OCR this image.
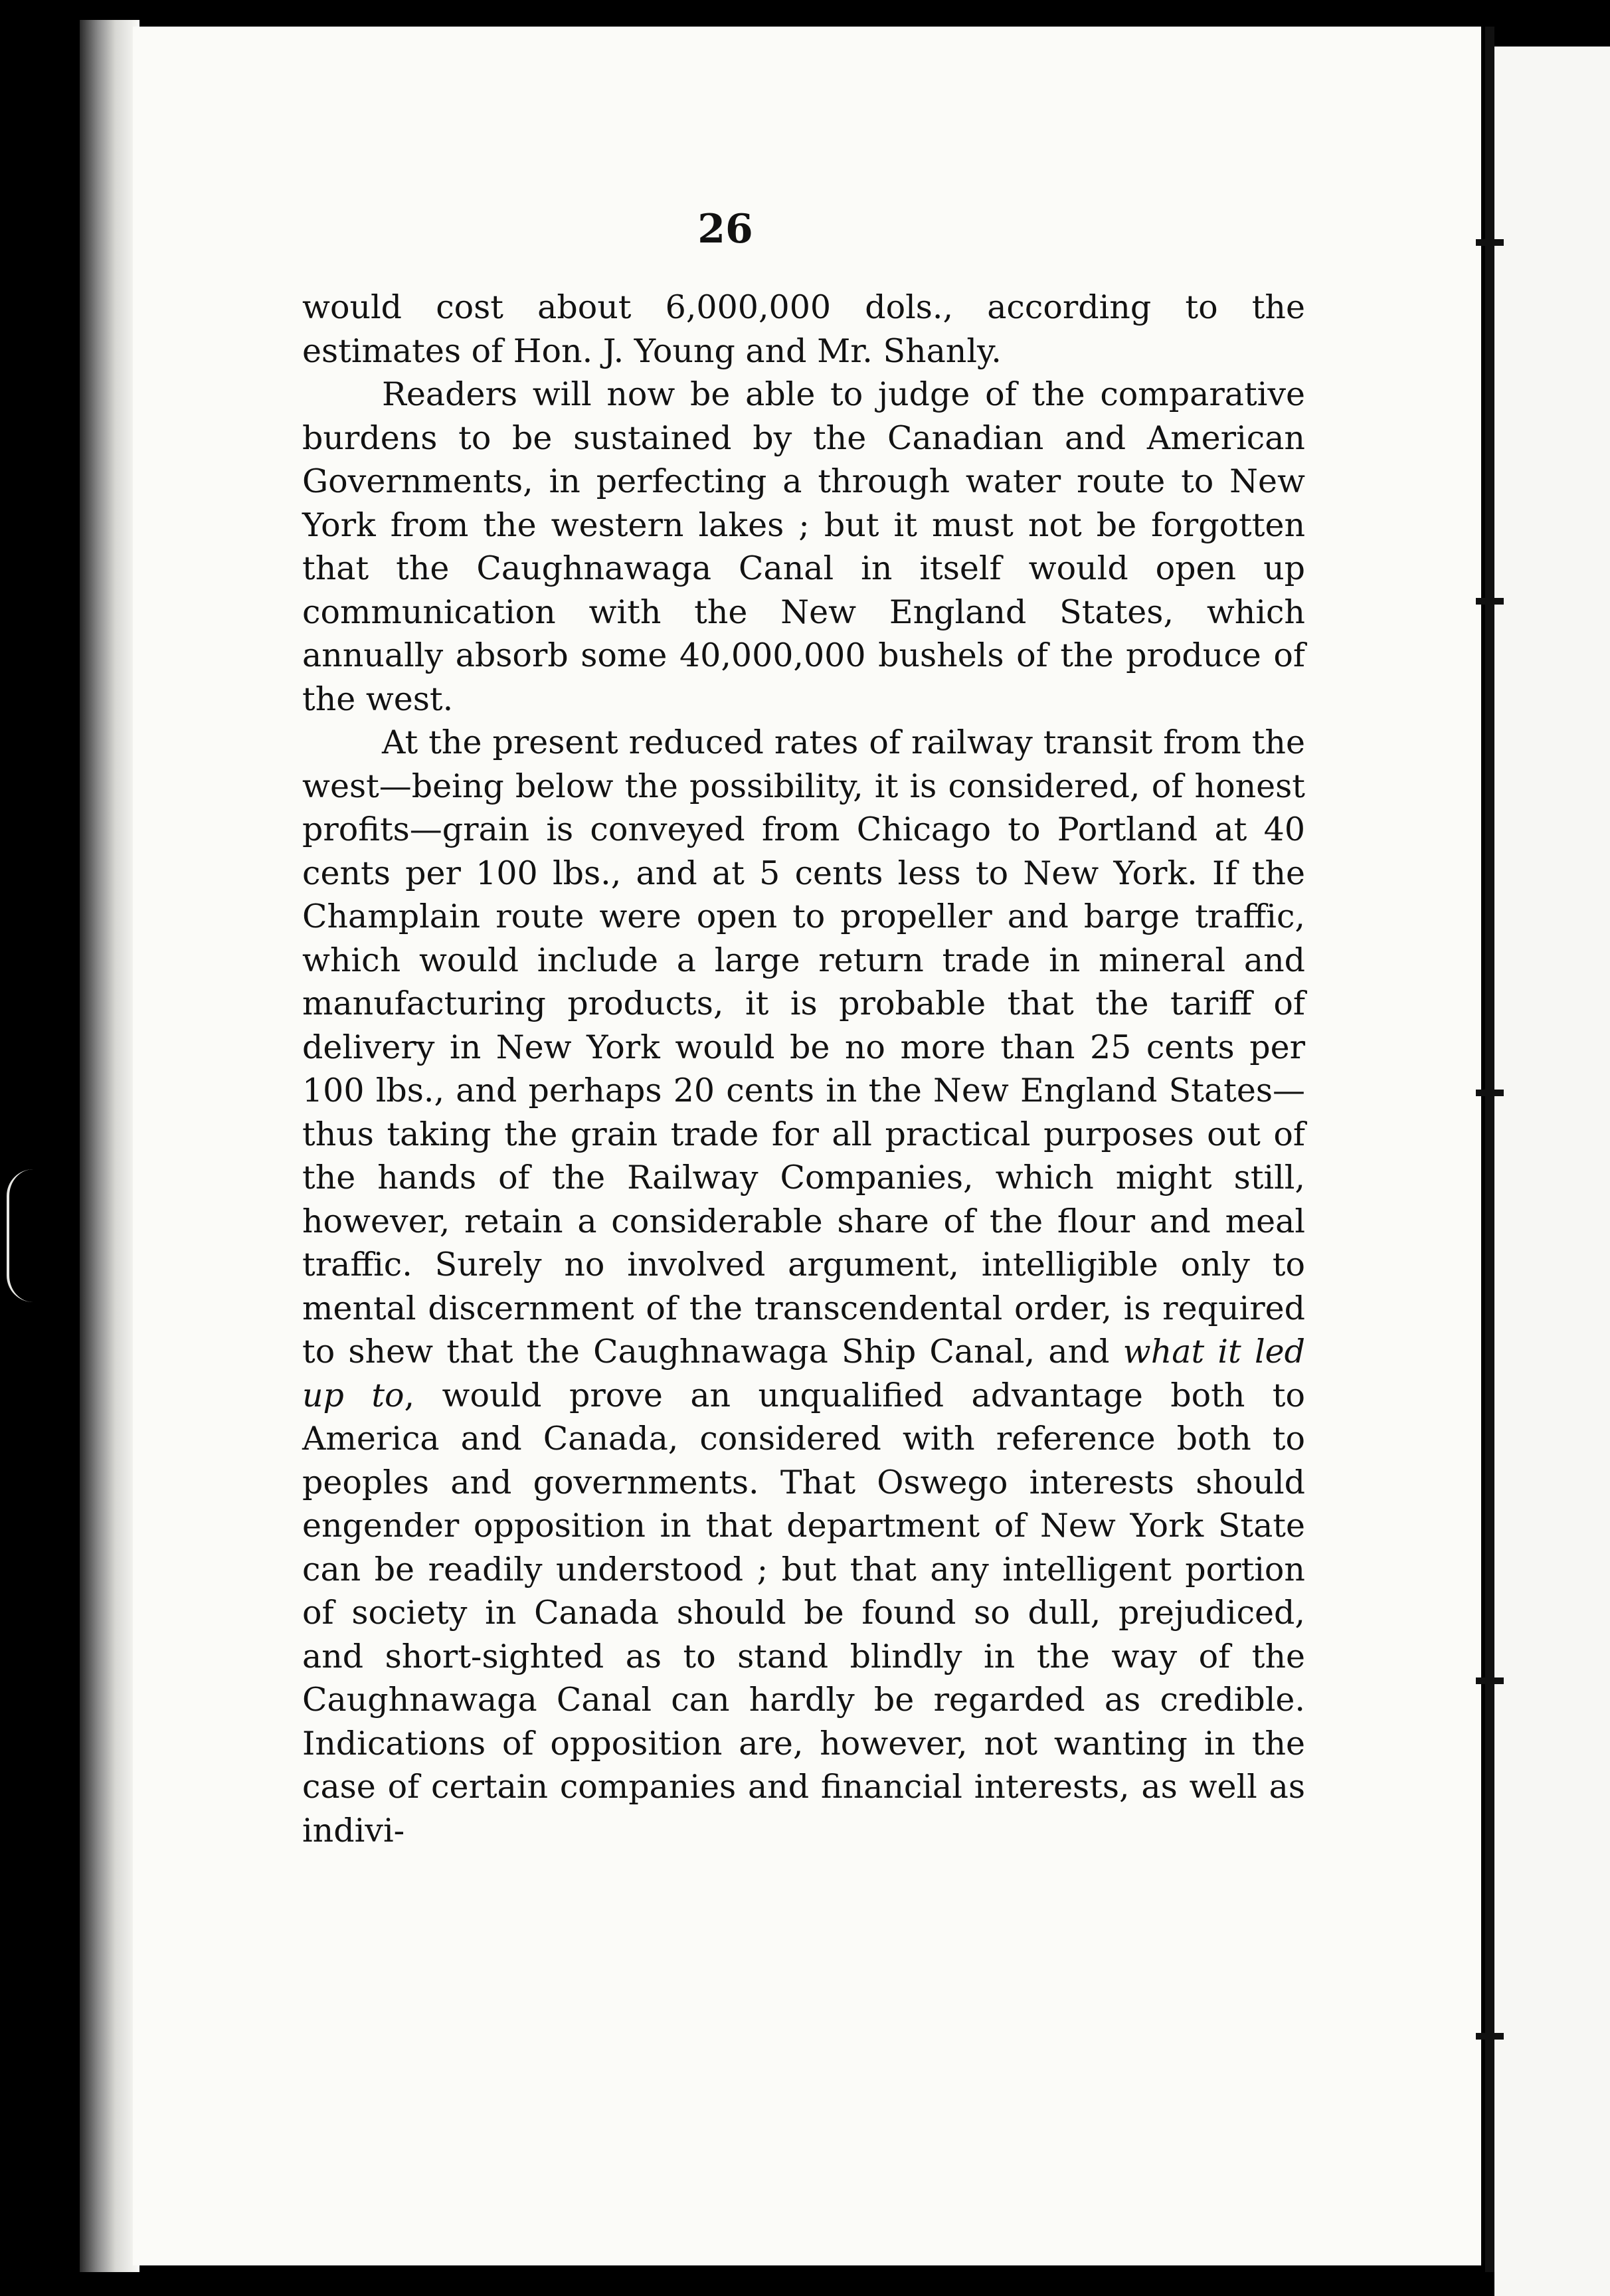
26

would cost about 6,000,000 dols., according to the estimates of Hon. J. Young and Mr. Shanly.

Readers will now be able to judge of the comparative burdens to be sustained by the Canadian and American Governments, in perfecting a through water route to New York from the western lakes ; but it must not be forgotten that the Caughnawaga Canal in itself would open up communication with the New England States, which annually absorb some 40,000,000 bushels of the produce of the west.

At the present reduced rates of railway transit from the west—being below the possibility, it is considered, of honest profits—grain is conveyed from Chicago to Portland at 40 cents per 100 lbs., and at 5 cents less to New York. If the Champlain route were open to propeller and barge traffic, which would include a large return trade in mineral and manufacturing products, it is probable that the tariff of delivery in New York would be no more than 25 cents per 100 lbs., and perhaps 20 cents in the New England States—thus taking the grain trade for all practical purposes out of the hands of the Railway Companies, which might still, however, retain a considerable share of the flour and meal traffic. Surely no involved argument, intelligible only to mental discernment of the transcendental order, is required to shew that the Caughnawaga Ship Canal, and what it led up to, would prove an unqualified advantage both to America and Canada, considered with reference both to peoples and governments. That Oswego interests should engender opposition in that department of New York State can be readily understood ; but that any intelligent portion of society in Canada should be found so dull, prejudiced, and short-sighted as to stand blindly in the way of the Caughnawaga Canal can hardly be regarded as credible. Indications of opposition are, however, not wanting in the case of certain companies and financial interests, as well as indivi-
